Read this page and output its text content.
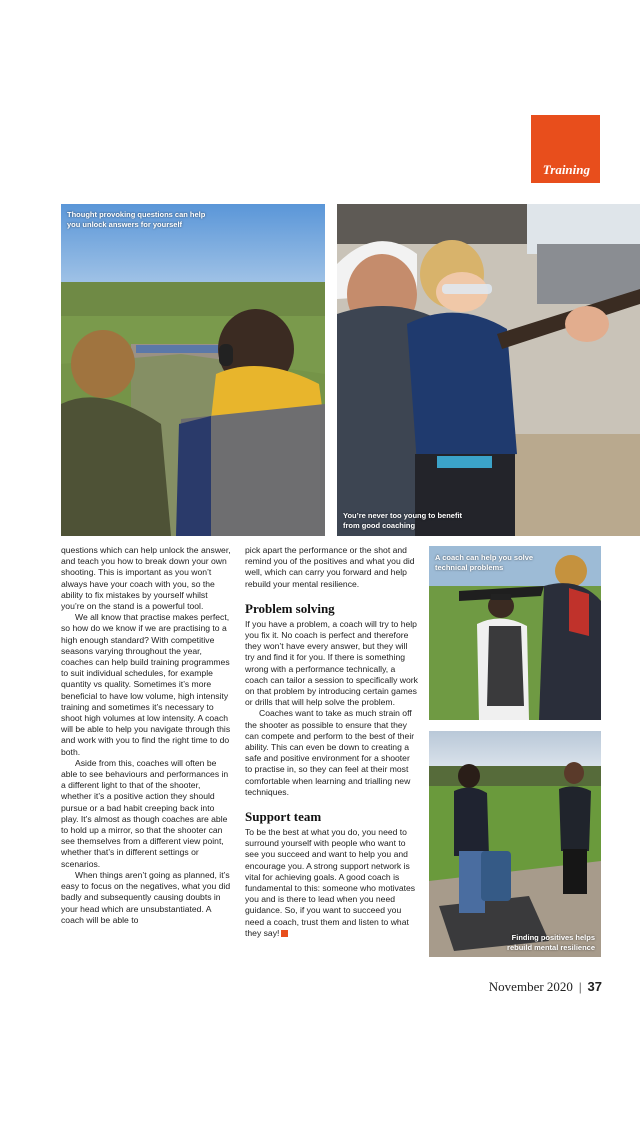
Training
Thought provoking questions can help you unlock answers for yourself
You’re never too young to benefit from good coaching
A coach can help you solve technical problems
Finding positives helps rebuild mental resilience

questions which can help unlock the answer, and teach you how to break down your own shooting. This is important as you won’t always have your coach with you, so the ability to fix mistakes by yourself whilst you’re on the stand is a powerful tool.

We all know that practise makes perfect, so how do we know if we are practising to a high enough standard? With competitive seasons varying throughout the year, coaches can help build training programmes to suit individual schedules, for example quantity vs quality. Sometimes it’s more beneficial to have low volume, high intensity training and sometimes it’s necessary to shoot high volumes at low intensity. A coach will be able to help you navigate through this and work with you to find the right time to do both.

Aside from this, coaches will often be able to see behaviours and performances in a different light to that of the shooter, whether it’s a positive action they should pursue or a bad habit creeping back into play. It’s almost as though coaches are able to hold up a mirror, so that the shooter can see themselves from a different view point, whether that’s in different settings or scenarios.

When things aren’t going as planned, it’s easy to focus on the negatives, what you did badly and subsequently causing doubts in your head which are unsubstantiated. A coach will be able to

pick apart the performance or the shot and remind you of the positives and what you did well, which can carry you forward and help rebuild your mental resilience.

Problem solving

If you have a problem, a coach will try to help you fix it. No coach is perfect and therefore they won’t have every answer, but they will try and find it for you. If there is something wrong with a performance technically, a coach can tailor a session to specifically work on that problem by introducing certain games or drills that will help solve the problem.

Coaches want to take as much strain off the shooter as possible to ensure that they can compete and perform to the best of their ability. This can even be down to creating a safe and positive environment for a shooter to practise in, so they can feel at their most comfortable when learning and trialling new techniques.

Support team

To be the best at what you do, you need to surround yourself with people who want to see you succeed and want to help you and encourage you. A strong support network is vital for achieving goals. A good coach is fundamental to this: someone who motivates you and is there to lead when you need guidance. So, if you want to succeed you need a coach, trust them and listen to what they say!

November 2020 | 37
